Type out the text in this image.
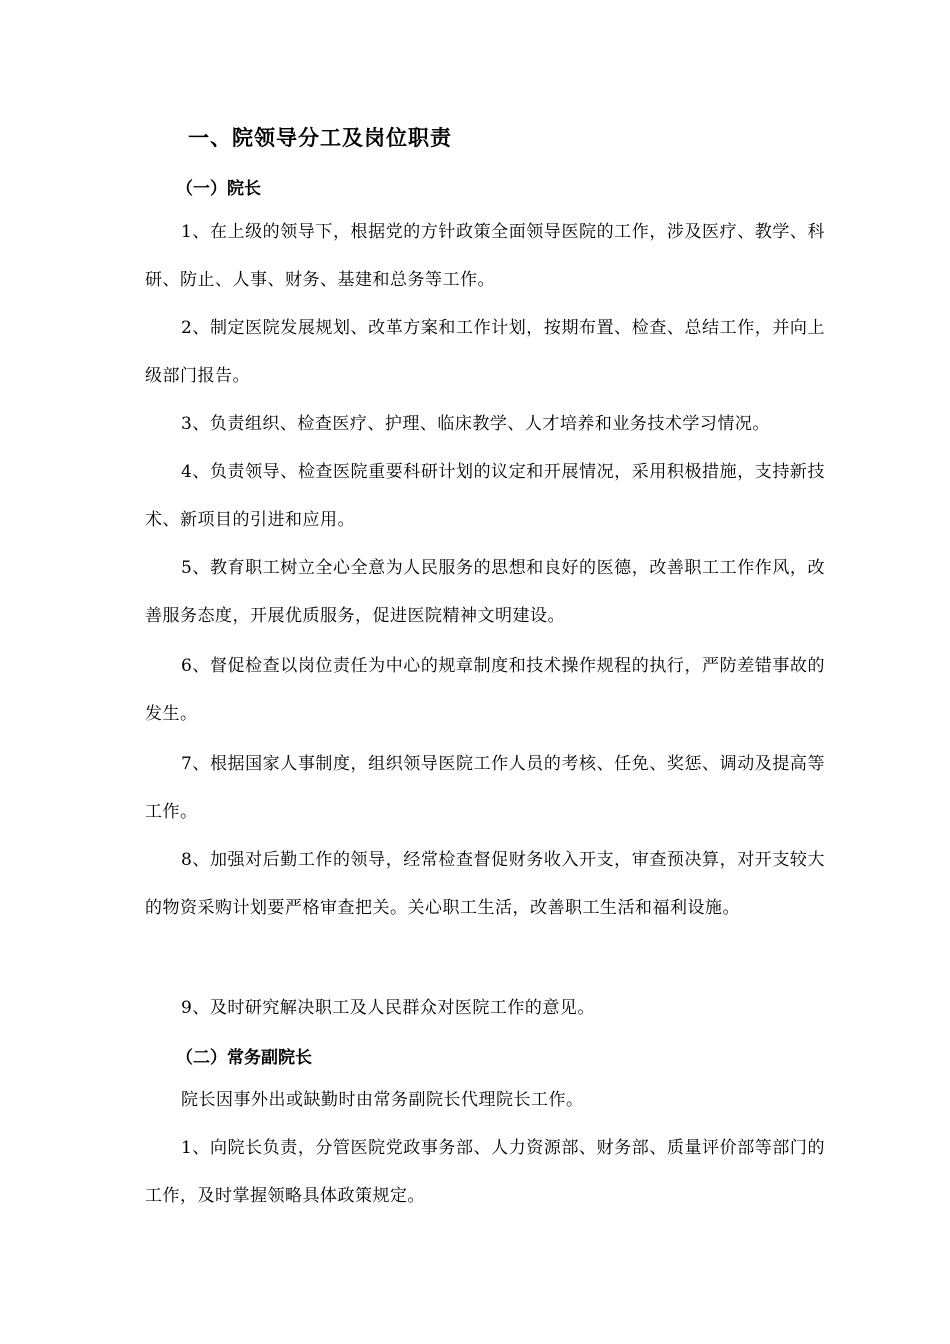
一、院领导分工及岗位职责
（一）院长
1、在上级的领导下，根据党的方针政策全面领导医院的工作，涉及医疗、教学、科研、防止、人事、财务、基建和总务等工作。
2、制定医院发展规划、改革方案和工作计划，按期布置、检查、总结工作，并向上级部门报告。
3、负责组织、检查医疗、护理、临床教学、人才培养和业务技术学习情况。
4、负责领导、检查医院重要科研计划的议定和开展情况，采用积极措施，支持新技术、新项目的引进和应用。
5、教育职工树立全心全意为人民服务的思想和良好的医德，改善职工工作作风，改善服务态度，开展优质服务，促进医院精神文明建设。
6、督促检查以岗位责任为中心的规章制度和技术操作规程的执行，严防差错事故的发生。
7、根据国家人事制度，组织领导医院工作人员的考核、任免、奖惩、调动及提高等工作。
8、加强对后勤工作的领导，经常检查督促财务收入开支，审查预决算，对开支较大的物资采购计划要严格审查把关。关心职工生活，改善职工生活和福利设施。
9、及时研究解决职工及人民群众对医院工作的意见。
（二）常务副院长
院长因事外出或缺勤时由常务副院长代理院长工作。
1、向院长负责，分管医院党政事务部、人力资源部、财务部、质量评价部等部门的工作，及时掌握领略具体政策规定。
